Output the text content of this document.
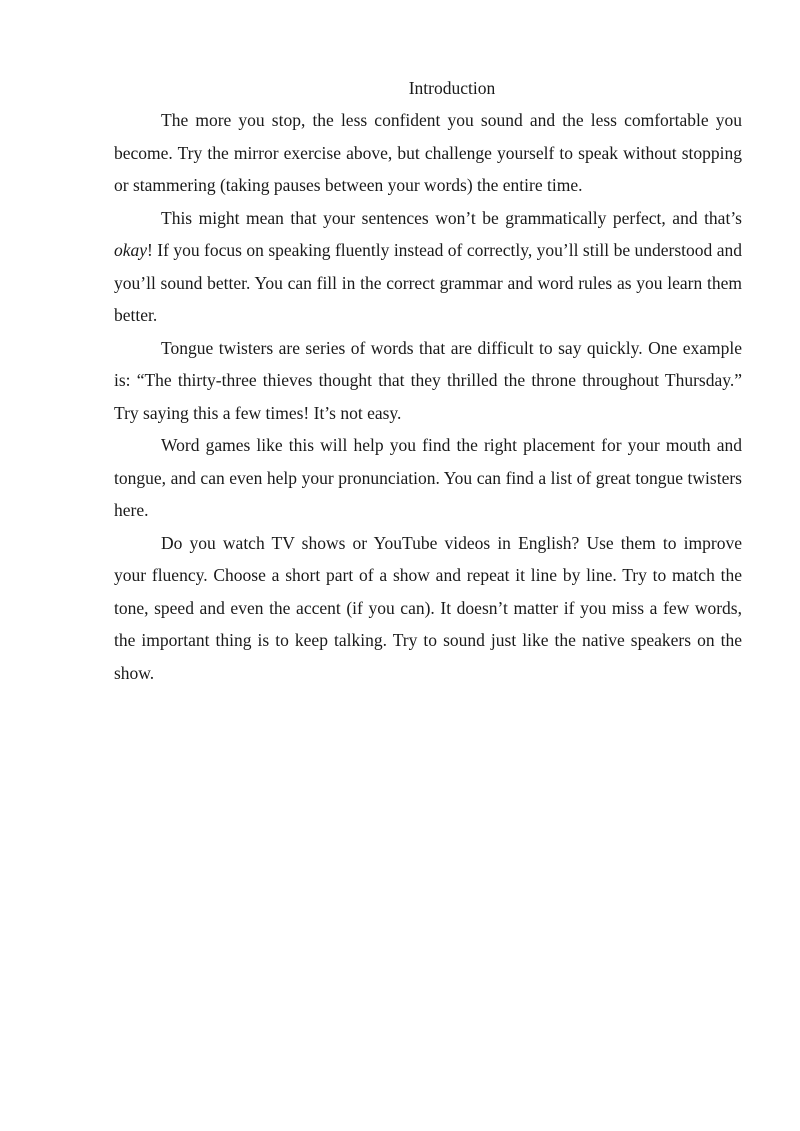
Introduction

The more you stop, the less confident you sound and the less comfortable you become. Try the mirror exercise above, but challenge yourself to speak without stopping or stammering (taking pauses between your words) the entire time.

This might mean that your sentences won’t be grammatically perfect, and that’s okay! If you focus on speaking fluently instead of correctly, you’ll still be understood and you’ll sound better. You can fill in the correct grammar and word rules as you learn them better.

Tongue twisters are series of words that are difficult to say quickly. One example is: “The thirty-three thieves thought that they thrilled the throne throughout Thursday.” Try saying this a few times! It’s not easy.

Word games like this will help you find the right placement for your mouth and tongue, and can even help your pronunciation. You can find a list of great tongue twisters here.

Do you watch TV shows or YouTube videos in English? Use them to improve your fluency. Choose a short part of a show and repeat it line by line. Try to match the tone, speed and even the accent (if you can). It doesn’t matter if you miss a few words, the important thing is to keep talking. Try to sound just like the native speakers on the show.
